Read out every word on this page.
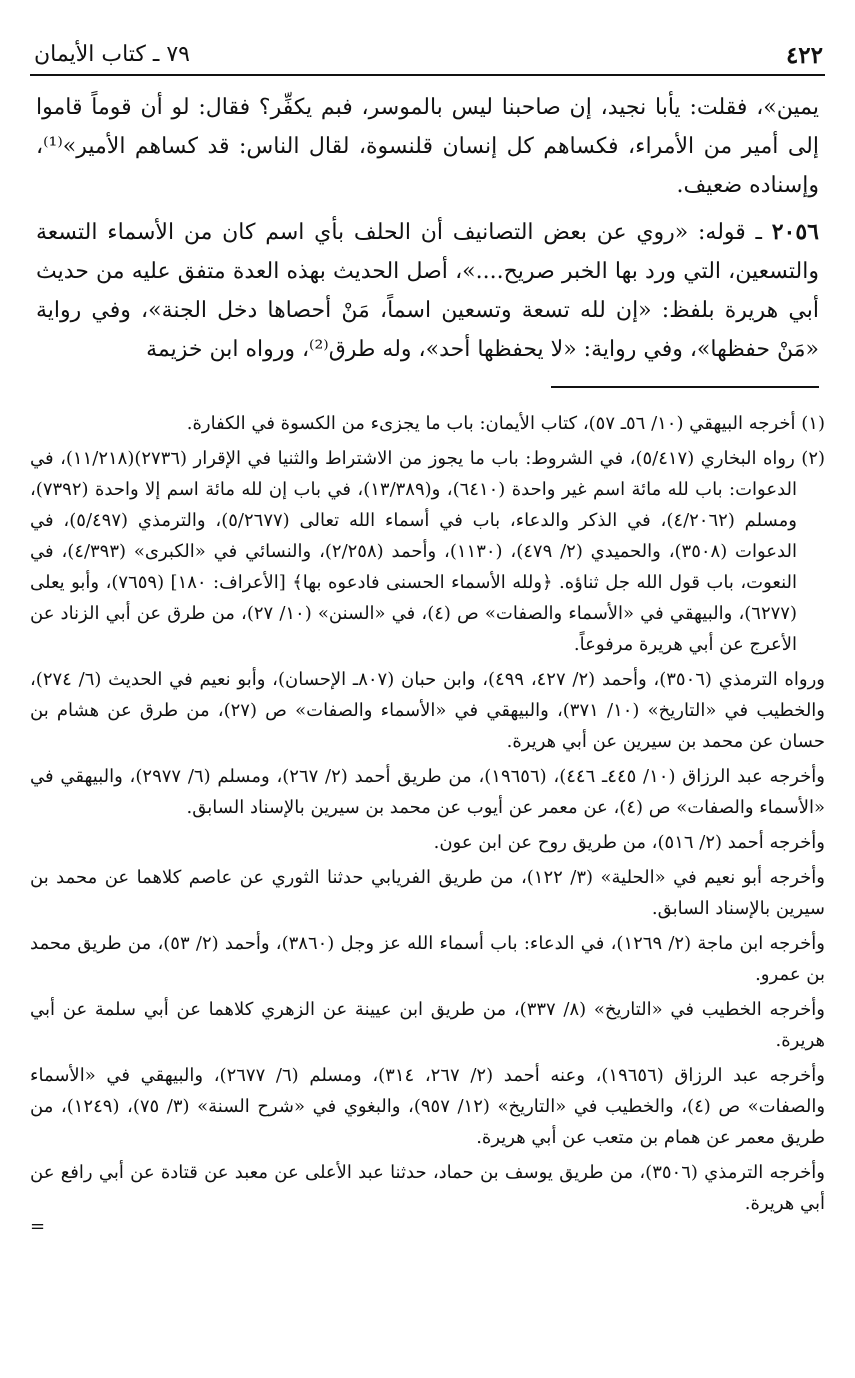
٤٢٢
٧٩ ـ كتاب الأيمان

يمين»، فقلت: يأبا نجيد، إن صاحبنا ليس بالموسر، فبم يكفِّر؟ فقال: لو أن قوماً قاموا إلى أمير من الأمراء، فكساهم كل إنسان قلنسوة، لقال الناس: قد كساهم الأمير»⁽¹⁾، وإسناده ضعيف.

٢٠٥٦ ـ قوله: «روي عن بعض التصانيف أن الحلف بأي اسم كان من الأسماء التسعة والتسعين، التي ورد بها الخبر صريح....»، أصل الحديث بهذه العدة متفق عليه من حديث أبي هريرة بلفظ: «إن لله تسعة وتسعين اسماً، مَنْ أحصاها دخل الجنة»، وفي رواية «مَنْ حفظها»، وفي رواية: «لا يحفظها أحد»، وله طرق⁽²⁾، ورواه ابن خزيمة

(١) أخرجه البيهقي (١٠/ ٥٦ـ ٥٧)، كتاب الأيمان: باب ما يجزىء من الكسوة في الكفارة.

(٢) رواه البخاري (٥/٤١٧)، في الشروط: باب ما يجوز من الاشتراط والثنيا في الإقرار (٢٧٣٦)(١١/٢١٨)، في الدعوات: باب لله مائة اسم غير واحدة (٦٤١٠)، و(١٣/٣٨٩)، في باب إن لله مائة اسم إلا واحدة (٧٣٩٢)، ومسلم (٤/٢٠٦٢)، في الذكر والدعاء، باب في أسماء الله تعالى (٥/٢٦٧٧)، والترمذي (٥/٤٩٧)، في الدعوات (٣٥٠٨)، والحميدي (٢/ ٤٧٩)، (١١٣٠)، وأحمد (٢/٢٥٨)، والنسائي في «الكبرى» (٤/٣٩٣)، في النعوت، باب قول الله جل ثناؤه. ﴿ولله الأسماء الحسنى فادعوه بها﴾ [الأعراف: ١٨٠] (٧٦٥٩)، وأبو يعلى (٦٢٧٧)، والبيهقي في «الأسماء والصفات» ص (٤)، في «السنن» (١٠/ ٢٧)، من طرق عن أبي الزناد عن الأعرج عن أبي هريرة مرفوعاً.

ورواه الترمذي (٣٥٠٦)، وأحمد (٢/ ٤٢٧، ٤٩٩)، وابن حبان (٨٠٧ـ الإحسان)، وأبو نعيم في الحديث (٦/ ٢٧٤)، والخطيب في «التاريخ» (١٠/ ٣٧١)، والبيهقي في «الأسماء والصفات» ص (٢٧)، من طرق عن هشام بن حسان عن محمد بن سيرين عن أبي هريرة.

وأخرجه عبد الرزاق (١٠/ ٤٤٥ـ ٤٤٦)، (١٩٦٥٦)، من طريق أحمد (٢/ ٢٦٧)، ومسلم (٦/ ٢٩٧٧)، والبيهقي في «الأسماء والصفات» ص (٤)، عن معمر عن أيوب عن محمد بن سيرين بالإسناد السابق.

وأخرجه أحمد (٢/ ٥١٦)، من طريق روح عن ابن عون.

وأخرجه أبو نعيم في «الحلية» (٣/ ١٢٢)، من طريق الفريابي حدثنا الثوري عن عاصم كلاهما عن محمد بن سيرين بالإسناد السابق.

وأخرجه ابن ماجة (٢/ ١٢٦٩)، في الدعاء: باب أسماء الله عز وجل (٣٨٦٠)، وأحمد (٢/ ٥٣)، من طريق محمد بن عمرو.

وأخرجه الخطيب في «التاريخ» (٨/ ٣٣٧)، من طريق ابن عيينة عن الزهري كلاهما عن أبي سلمة عن أبي هريرة.

وأخرجه عبد الرزاق (١٩٦٥٦)، وعنه أحمد (٢/ ٢٦٧، ٣١٤)، ومسلم (٦/ ٢٦٧٧)، والبيهقي في «الأسماء والصفات» ص (٤)، والخطيب في «التاريخ» (١٢/ ٩٥٧)، والبغوي في «شرح السنة» (٣/ ٧٥)، (١٢٤٩)، من طريق معمر عن همام بن متعب عن أبي هريرة.

وأخرجه الترمذي (٣٥٠٦)، من طريق يوسف بن حماد، حدثنا عبد الأعلى عن معبد عن قتادة عن أبي رافع عن أبي هريرة.

=
